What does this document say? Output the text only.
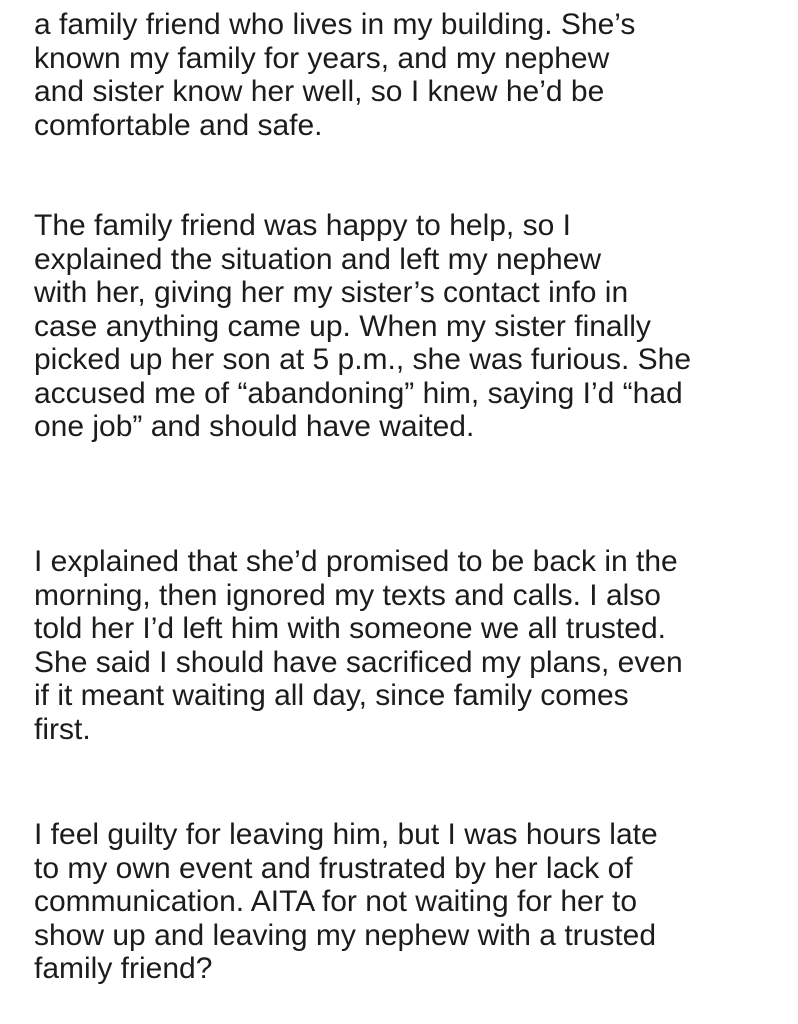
a family friend who lives in my building. She’s
known my family for years, and my nephew
and sister know her well, so I knew he’d be
comfortable and safe.

The family friend was happy to help, so I
explained the situation and left my nephew
with her, giving her my sister’s contact info in
case anything came up. When my sister finally
picked up her son at 5 p.m., she was furious. She
accused me of “abandoning” him, saying I’d “had
one job” and should have waited.

I explained that she’d promised to be back in the
morning, then ignored my texts and calls. I also
told her I’d left him with someone we all trusted.
She said I should have sacrificed my plans, even
if it meant waiting all day, since family comes
first.

I feel guilty for leaving him, but I was hours late
to my own event and frustrated by her lack of
communication. AITA for not waiting for her to
show up and leaving my nephew with a trusted
family friend?
